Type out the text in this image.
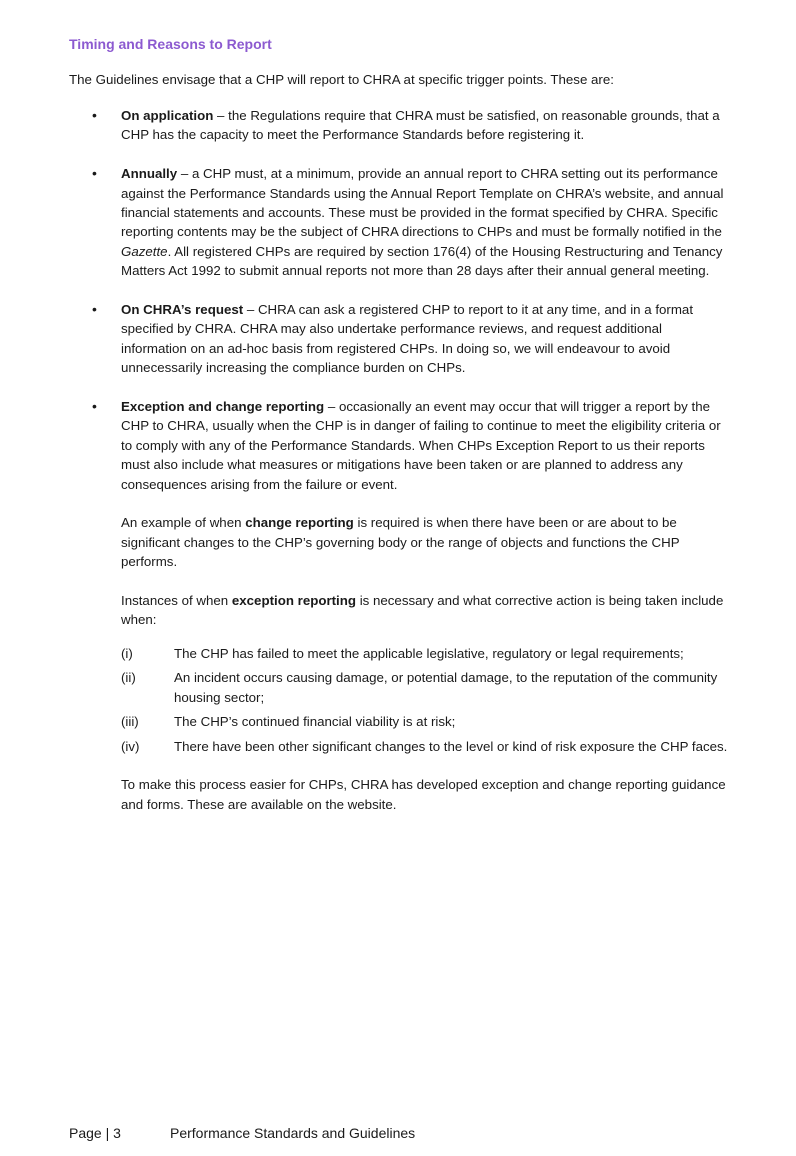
Timing and Reasons to Report
The Guidelines envisage that a CHP will report to CHRA at specific trigger points. These are:
• On application – the Regulations require that CHRA must be satisfied, on reasonable grounds, that a CHP has the capacity to meet the Performance Standards before registering it.

• Annually – a CHP must, at a minimum, provide an annual report to CHRA setting out its performance against the Performance Standards using the Annual Report Template on CHRA’s website, and annual financial statements and accounts. These must be provided in the format specified by CHRA. Specific reporting contents may be the subject of CHRA directions to CHPs and must be formally notified in the Gazette. All registered CHPs are required by section 176(4) of the Housing Restructuring and Tenancy Matters Act 1992 to submit annual reports not more than 28 days after their annual general meeting.

• On CHRA’s request – CHRA can ask a registered CHP to report to it at any time, and in a format specified by CHRA. CHRA may also undertake performance reviews, and request additional information on an ad-hoc basis from registered CHPs. In doing so, we will endeavour to avoid unnecessarily increasing the compliance burden on CHPs.

• Exception and change reporting – occasionally an event may occur that will trigger a report by the CHP to CHRA, usually when the CHP is in danger of failing to continue to meet the eligibility criteria or to comply with any of the Performance Standards. When CHPs Exception Report to us their reports must also include what measures or mitigations have been taken or are planned to address any consequences arising from the failure or event.

An example of when change reporting is required is when there have been or are about to be significant changes to the CHP’s governing body or the range of objects and functions the CHP performs.

Instances of when exception reporting is necessary and what corrective action is being taken include when:

(i)	The CHP has failed to meet the applicable legislative, regulatory or legal requirements;
(ii)	An incident occurs causing damage, or potential damage, to the reputation of the community housing sector;
(iii)	The CHP’s continued financial viability is at risk;
(iv)	There have been other significant changes to the level or kind of risk exposure the CHP faces.

To make this process easier for CHPs, CHRA has developed exception and change reporting guidance and forms. These are available on the website.

Page | 3	Performance Standards and Guidelines
